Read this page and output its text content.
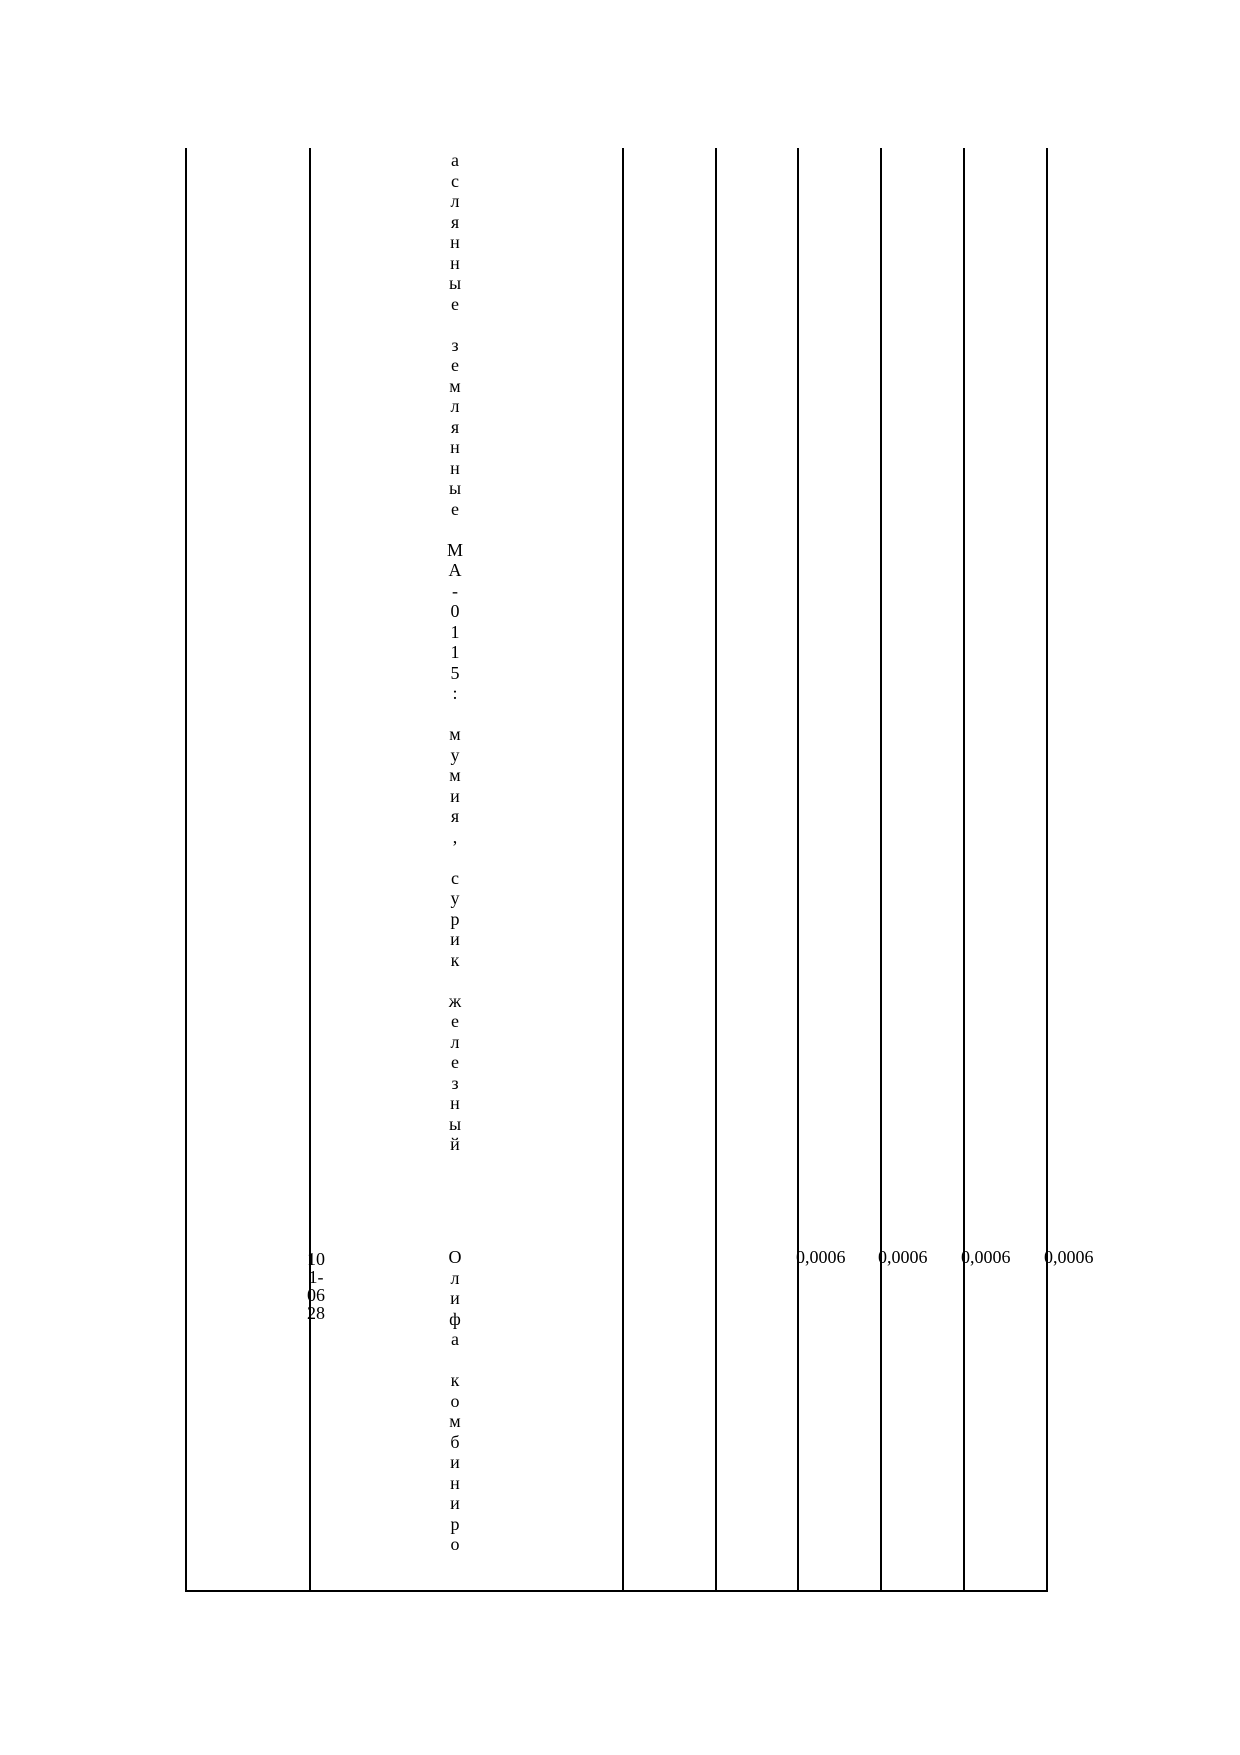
а
с
л
я
н
н
ы
е

з
е
м
л
я
н
н
ы
е

М
А
-
0
1
1
5
:

м
у
м
и
я
,

с
у
р
и
к

ж
е
л
е
з
н
ы
й
10
1-
06
28
О
л
и
ф
а

к
о
м
б
и
н
и
р
о
0,0006 0,0006 0,0006 0,0006
